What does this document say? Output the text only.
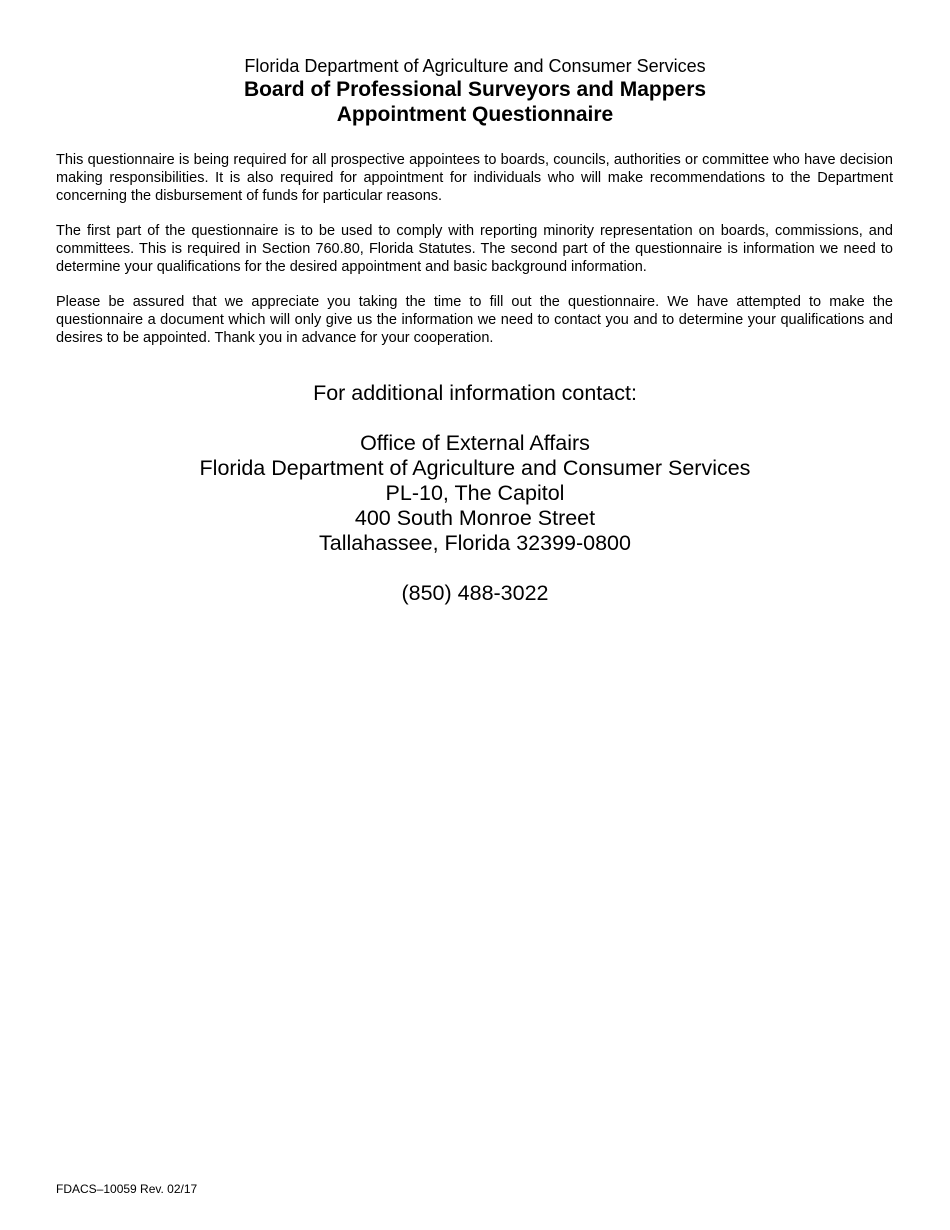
Florida Department of Agriculture and Consumer Services
Board of Professional Surveyors and Mappers
Appointment Questionnaire

This questionnaire is being required for all prospective appointees to boards, councils, authorities or committee who have decision making responsibilities. It is also required for appointment for individuals who will make recommendations to the Department concerning the disbursement of funds for particular reasons.

The first part of the questionnaire is to be used to comply with reporting minority representation on boards, commissions, and committees. This is required in Section 760.80, Florida Statutes. The second part of the questionnaire is information we need to determine your qualifications for the desired appointment and basic background information.

Please be assured that we appreciate you taking the time to fill out the questionnaire. We have attempted to make the questionnaire a document which will only give us the information we need to contact you and to determine your qualifications and desires to be appointed. Thank you in advance for your cooperation.

For additional information contact:
Office of External Affairs
Florida Department of Agriculture and Consumer Services
PL-10, The Capitol
400 South Monroe Street
Tallahassee, Florida 32399-0800
(850) 488-3022
FDACS–10059 Rev. 02/17
